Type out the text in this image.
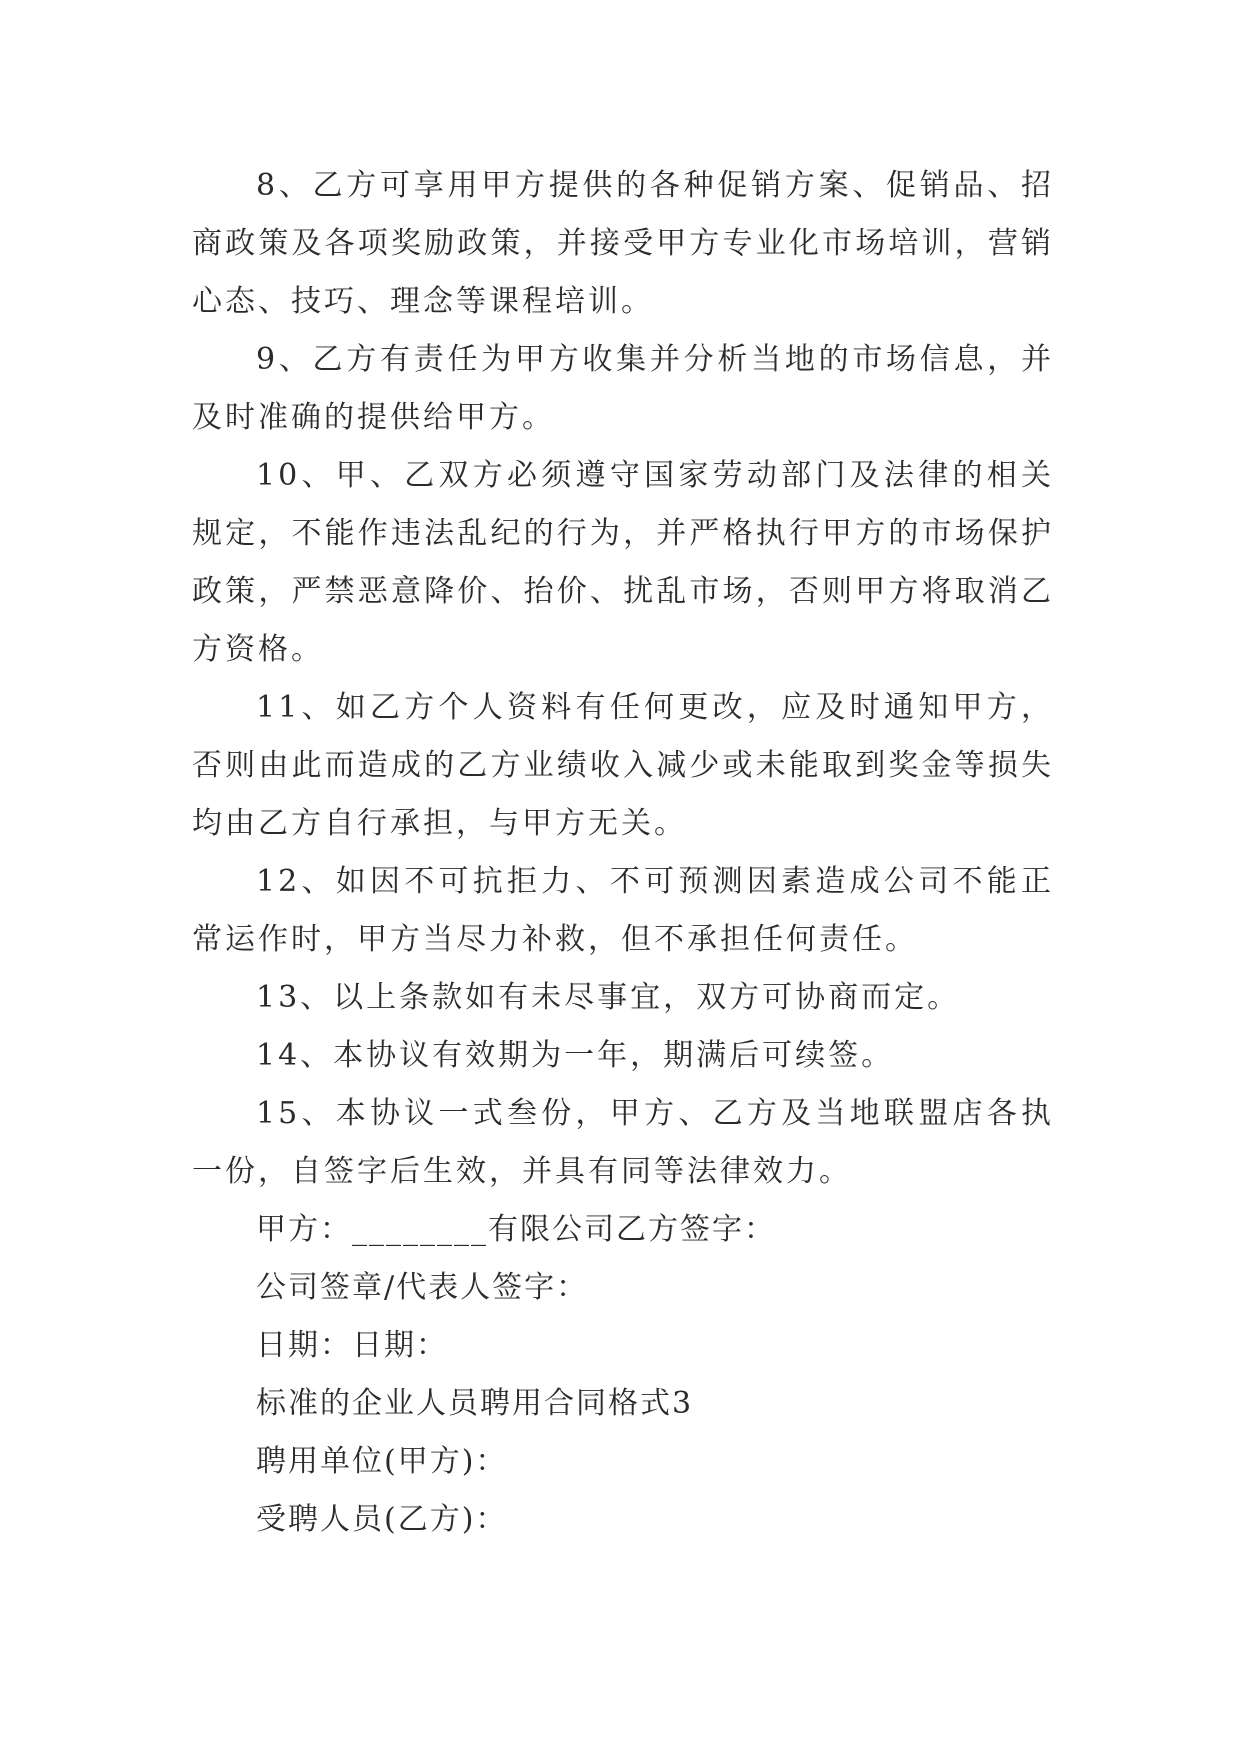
8、乙方可享用甲方提供的各种促销方案、促销品、招商政策及各项奖励政策，并接受甲方专业化市场培训，营销心态、技巧、理念等课程培训。

9、乙方有责任为甲方收集并分析当地的市场信息，并及时准确的提供给甲方。

10、甲、乙双方必须遵守国家劳动部门及法律的相关规定，不能作违法乱纪的行为，并严格执行甲方的市场保护政策，严禁恶意降价、抬价、扰乱市场，否则甲方将取消乙方资格。

11、如乙方个人资料有任何更改，应及时通知甲方，否则由此而造成的乙方业绩收入减少或未能取到奖金等损失均由乙方自行承担，与甲方无关。

12、如因不可抗拒力、不可预测因素造成公司不能正常运作时，甲方当尽力补救，但不承担任何责任。

13、以上条款如有未尽事宜，双方可协商而定。

14、本协议有效期为一年，期满后可续签。

15、本协议一式叁份，甲方、乙方及当地联盟店各执一份，自签字后生效，并具有同等法律效力。

甲方：________有限公司乙方签字：

公司签章/代表人签字：

日期：日期：

标准的企业人员聘用合同格式3

聘用单位(甲方)：

受聘人员(乙方)：
